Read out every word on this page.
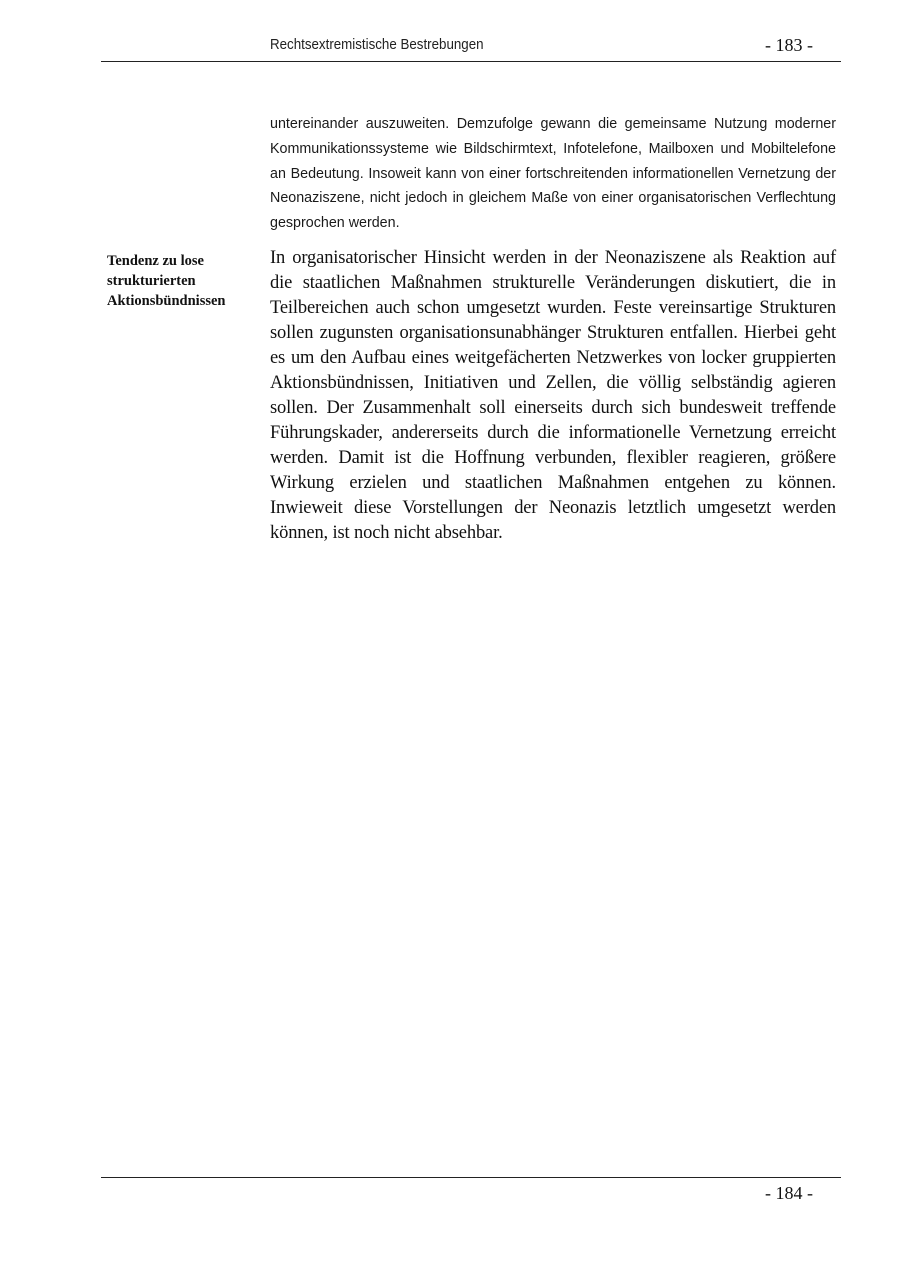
Rechtsextremistische Bestrebungen	- 183 -

untereinander auszuweiten. Demzufolge gewann die gemeinsame Nutzung moderner Kommunikationssysteme wie Bildschirmtext, Infotelefone, Mailboxen und Mobiltelefone an Bedeutung. Insoweit kann von einer fortschreitenden informationellen Vernetzung der Neonaziszene, nicht jedoch in gleichem Maße von einer organisatorischen Verflechtung gesprochen werden.

Tendenz zu lose strukturierten Aktionsbündnissen

In organisatorischer Hinsicht werden in der Neonaziszene als Reaktion auf die staatlichen Maßnahmen strukturelle Veränderungen diskutiert, die in Teilbereichen auch schon umgesetzt wurden. Feste vereinsartige Strukturen sollen zugunsten organisationsunabhänger Strukturen entfallen. Hierbei geht es um den Aufbau eines weitgefächerten Netzwerkes von locker gruppierten Aktionsbündnissen, Initiativen und Zellen, die völlig selbständig agieren sollen. Der Zusammenhalt soll einerseits durch sich bundesweit treffende Führungskader, andererseits durch die informationelle Vernetzung erreicht werden. Damit ist die Hoffnung verbunden, flexibler reagieren, größere Wirkung erzielen und staatlichen Maßnahmen entgehen zu können. Inwieweit diese Vorstellungen der Neonazis letztlich umgesetzt werden können, ist noch nicht absehbar.

- 184 -
